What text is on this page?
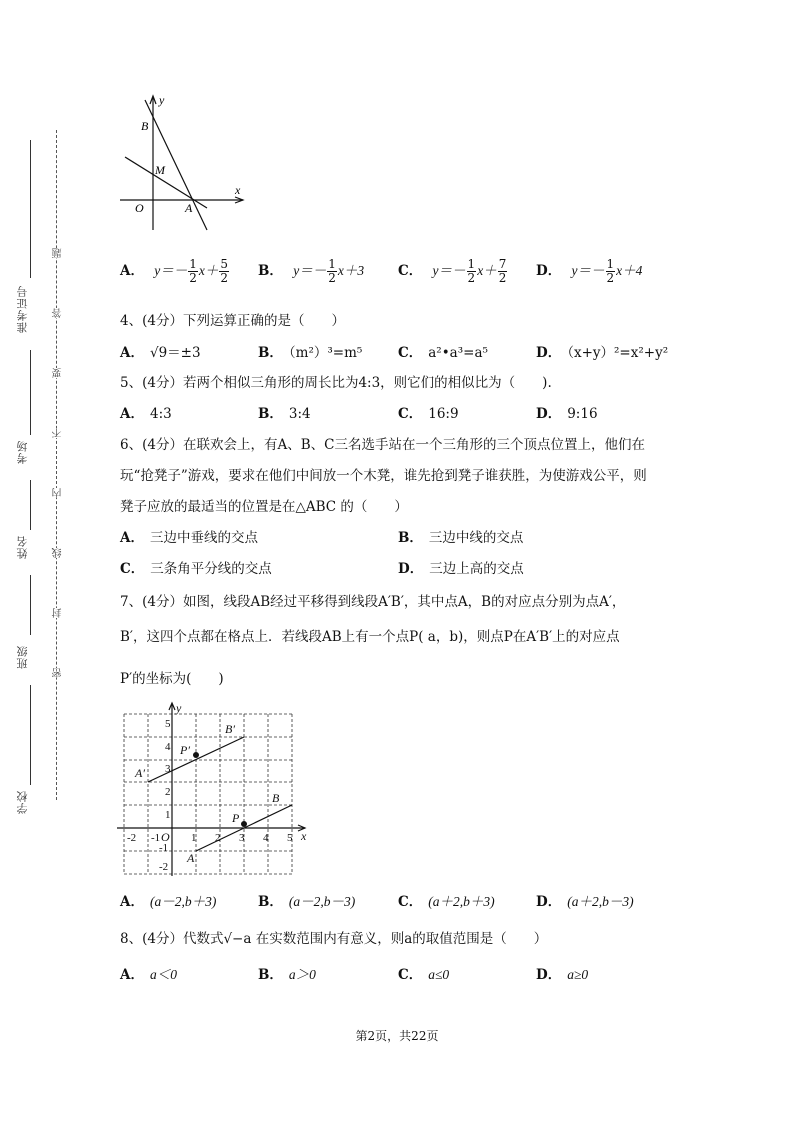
准考证号
考场
姓名
班级
学校
题
答
要
不
内
线
封
密
y
x
B
M
O	A
A． $y=- \frac{1}{2} x+ \frac{5}{2}$ B． $y=- \frac{1}{2} x+3$	C． $y=- \frac{1}{2} x+ \frac{7}{2}$ D． $y=- \frac{1}{2} x+4$
4、(4分）下列运算正确的是（　　）
A． √9＝±3	B． （m²）³=m⁵	C． a²•a³=a⁵	D． （x+y）²=x²+y²
5、(4分）若两个相似三角形的周长比为4:3，则它们的相似比为（　　).
A． 4:3	B． 3:4	C． 16:9	D． 9:16
6、(4分）在联欢会上，有A、B、C三名选手站在一个三角形的三个顶点位置上，他们在
玩“抢凳子”游戏，要求在他们中间放一个木凳，谁先抢到凳子谁获胜，为使游戏公平，则
凳子应放的最适当的位置是在△ABC 的（　　）
A． 三边中垂线的交点	B． 三边中线的交点
C． 三条角平分线的交点	D． 三边上高的交点
7、(4分）如图，线段AB经过平移得到线段A′B′，其中点A，B的对应点分别为点A′，
B′，这四个点都在格点上．若线段AB上有一个点P( a，b)，则点P在A′B′上的对应点
P′的坐标为(　　)
y
x
O
A
B
A′
B′
P
P′
-2 -1	1 2 3 4 5
5
4
3
2
1
-1
-2
A． (a－2,b＋3)	B． (a－2,b－3)	C． (a＋2,b＋3)	D． (a＋2,b－3)
8、(4分）代数式√−a 在实数范围内有意义，则a的取值范围是（　　）
A． a＜0	B． a＞0	C． a≤0	D． a≥0
第2页，共22页
